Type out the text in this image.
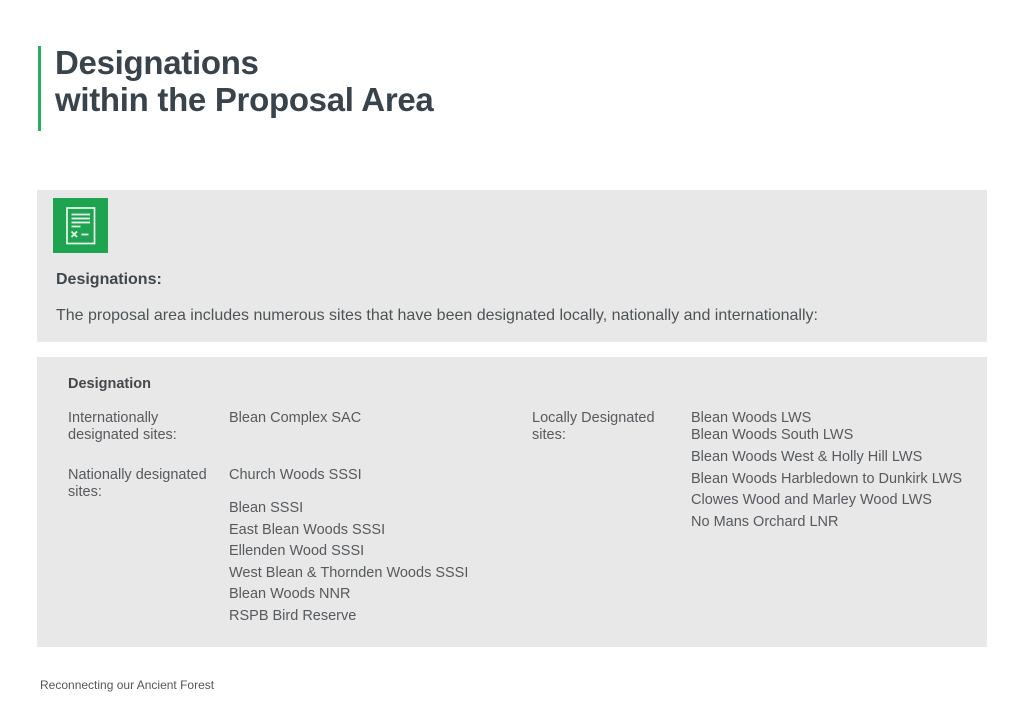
Designations
within the Proposal Area
Designations:
The proposal area includes numerous sites that have been designated locally, nationally and internationally:
Designation
Internationally designated sites:
Blean Complex SAC
Nationally designated sites:
Church Woods SSSI
Blean SSSI
East Blean Woods SSSI
Ellenden Wood SSSI
West Blean & Thornden Woods SSSI
Blean Woods NNR
RSPB Bird Reserve
Locally Designated sites:
Blean Woods LWS
Blean Woods South LWS
Blean Woods West & Holly Hill LWS
Blean Woods Harbledown to Dunkirk LWS
Clowes Wood and Marley Wood LWS
No Mans Orchard LNR
Reconnecting our Ancient Forest
